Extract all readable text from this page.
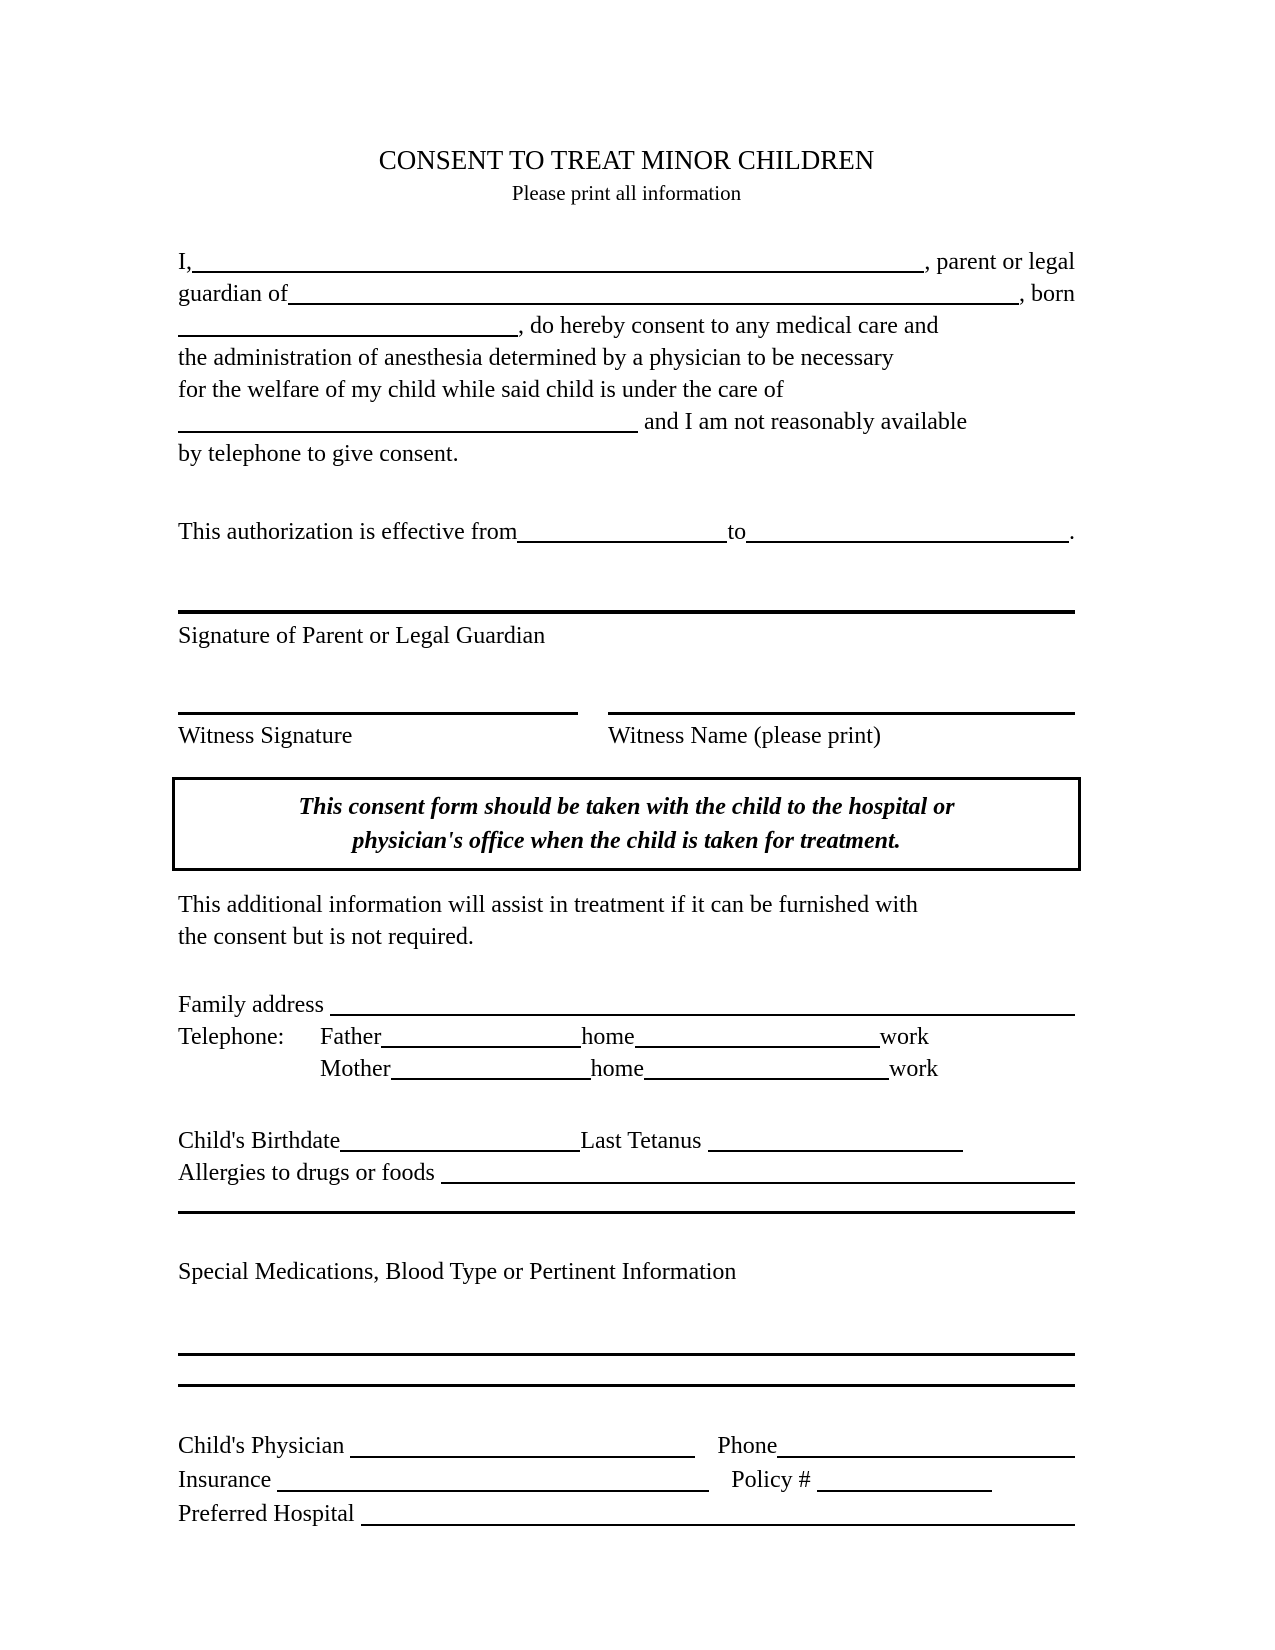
CONSENT TO TREAT MINOR CHILDREN
Please print all information
I,	, parent or legal
guardian of	, born
, do hereby consent to any medical care and
the administration of anesthesia determined by a physician to be necessary
for the welfare of my child while said child is under the care of
and I am not reasonably available
by telephone to give consent.
This authorization is effective from	to	.
Signature of Parent or Legal Guardian
Witness Signature	Witness Name (please print)
This consent form should be taken with the child to the hospital or
physician's office when the child is taken for treatment.
This additional information will assist in treatment if it can be furnished with
the consent but is not required.
Family address
Telephone: Father	home	work
Mother	home	work
Child's Birthdate	Last Tetanus
Allergies to drugs or foods
Special Medications, Blood Type or Pertinent Information
Child's Physician	Phone
Insurance	Policy #
Preferred Hospital
